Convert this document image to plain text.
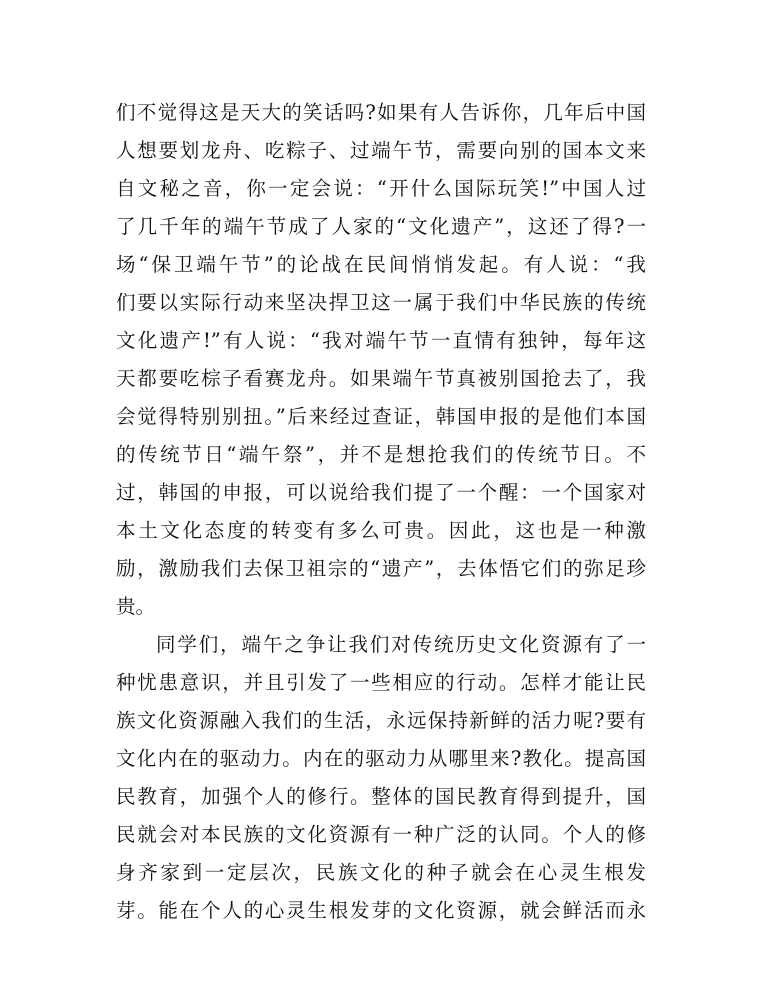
们不觉得这是天大的笑话吗?如果有人告诉你，几年后中国
人想要划龙舟、吃粽子、过端午节，需要向别的国本文来
自文秘之音，你一定会说：“开什么国际玩笑!”中国人过
了几千年的端午节成了人家的“文化遗产”，这还了得?一
场“保卫端午节”的论战在民间悄悄发起。有人说：“我
们要以实际行动来坚决捍卫这一属于我们中华民族的传统
文化遗产!”有人说：“我对端午节一直情有独钟，每年这
天都要吃棕子看赛龙舟。如果端午节真被别国抢去了，我
会觉得特别别扭。”后来经过查证，韩国申报的是他们本国
的传统节日“端午祭”，并不是想抢我们的传统节日。不
过，韩国的申报，可以说给我们提了一个醒：一个国家对
本土文化态度的转变有多么可贵。因此，这也是一种激
励，激励我们去保卫祖宗的“遗产”，去体悟它们的弥足珍
贵。
同学们，端午之争让我们对传统历史文化资源有了一
种忧患意识，并且引发了一些相应的行动。怎样才能让民
族文化资源融入我们的生活，永远保持新鲜的活力呢?要有
文化内在的驱动力。内在的驱动力从哪里来?教化。提高国
民教育，加强个人的修行。整体的国民教育得到提升，国
民就会对本民族的文化资源有一种广泛的认同。个人的修
身齐家到一定层次，民族文化的种子就会在心灵生根发
芽。能在个人的心灵生根发芽的文化资源，就会鲜活而永
